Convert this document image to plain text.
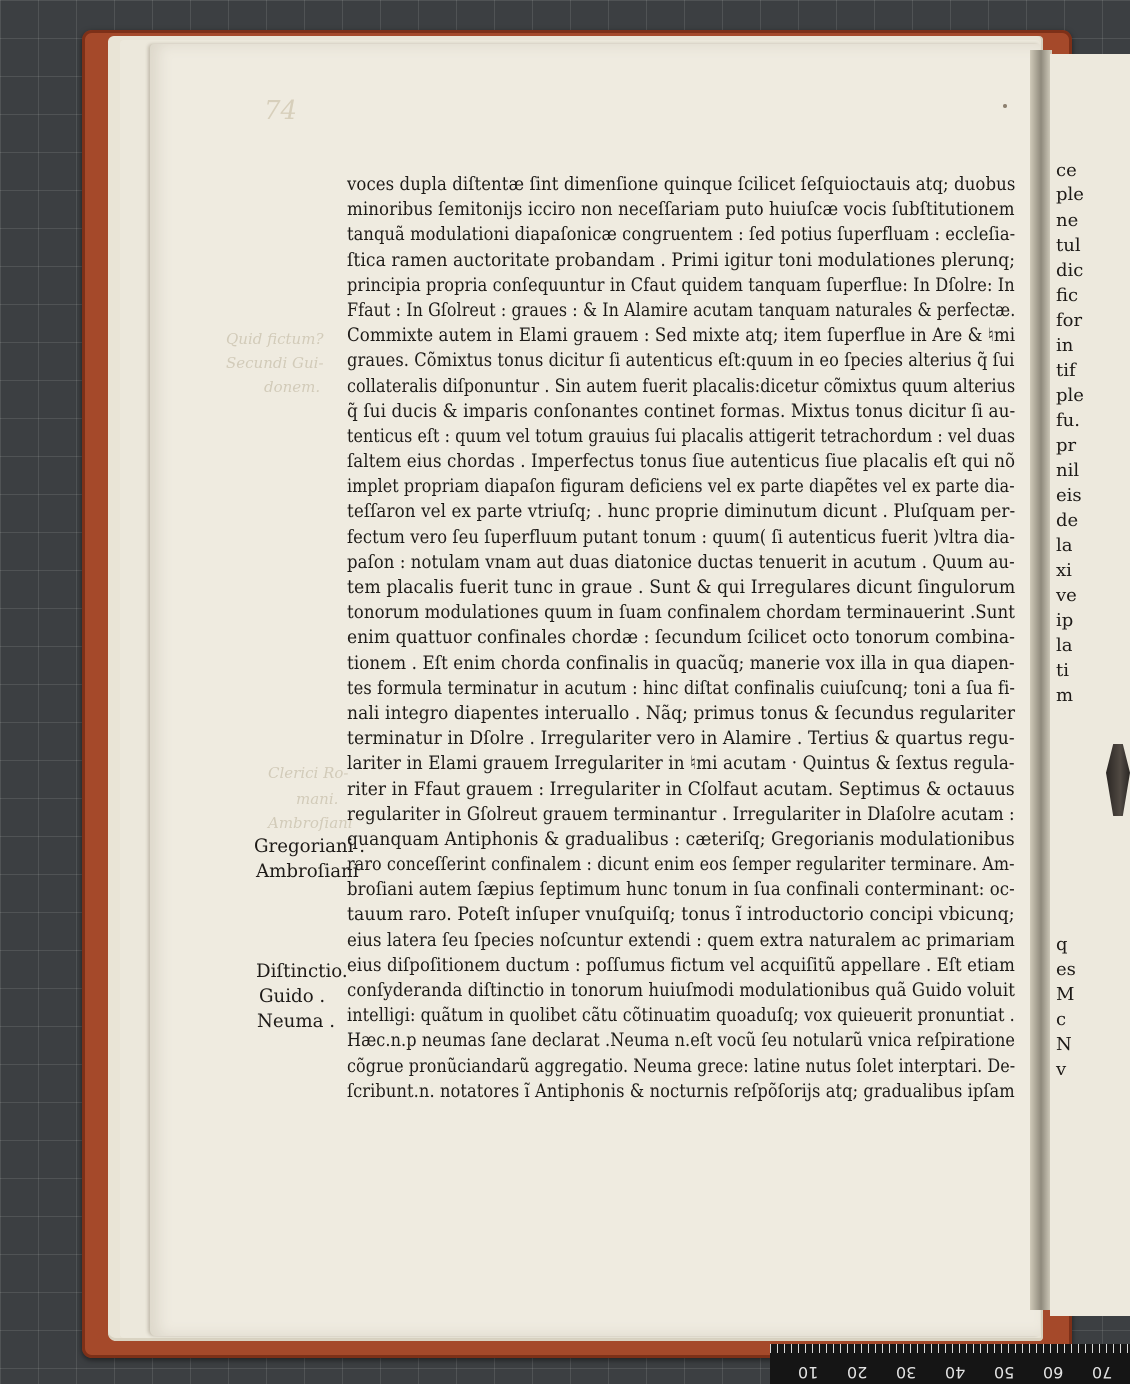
74
Quid fictum?
Secundi Gui-
donem.
Clerici Ro-
mani.
Ambroſiani
voces dupla diſtentæ ſint dimenſione quinque ſcilicet ſeſquioctauis atq; duobus
minoribus ſemitonijs icciro non neceſſariam puto huiuſcæ vocis ſubſtitutionem
tanquã modulationi diapaſonicæ congruentem : ſed potius ſuperfluam : eccleſia-
ſtica ramen auctoritate probandam . Primi igitur toni modulationes plerunq;
principia propria conſequuntur in Cfaut quidem tanquam ſuperflue: In Dſolre: In
Ffaut : In Gſolreut : graues : & In Alamire acutam tanquam naturales & perfectæ.
Commixte autem in Elami grauem : Sed mixte atq; item ſuperflue in Are & ♮mi
graues. Cõmixtus tonus dicitur ſi autenticus eſt:quum in eo ſpecies alterius q̃ ſui
collateralis diſponuntur . Sin autem fuerit placalis:dicetur cõmixtus quum alterius
q̃ ſui ducis & imparis conſonantes continet formas. Mixtus tonus dicitur ſi au-
tenticus eſt : quum vel totum grauius ſui placalis attigerit tetrachordum : vel duas
ſaltem eius chordas . Imperfectus tonus ſiue autenticus ſiue placalis eſt qui nõ
implet propriam diapaſon figuram deficiens vel ex parte diapẽtes vel ex parte dia-
teſſaron vel ex parte vtriuſq; . hunc proprie diminutum dicunt . Pluſquam per-
fectum vero ſeu ſuperfluum putant tonum : quum( ſi autenticus fuerit )vltra dia-
paſon : notulam vnam aut duas diatonice ductas tenuerit in acutum . Quum au-
tem placalis fuerit tunc in graue . Sunt & qui Irregulares dicunt ſingulorum
tonorum modulationes quum in ſuam confinalem chordam terminauerint .Sunt
enim quattuor confinales chordæ : ſecundum ſcilicet octo tonorum combina-
tionem . Eſt enim chorda confinalis in quacũq; manerie vox illa in qua diapen-
tes formula terminatur in acutum : hinc diſtat confinalis cuiuſcunq; toni a ſua fi-
nali integro diapentes interuallo . Nãq; primus tonus & ſecundus regulariter
terminatur in Dſolre . Irregulariter vero in Alamire . Tertius & quartus regu-
lariter in Elami grauem Irregulariter in ♮mi acutam · Quintus & ſextus regula-
riter in Ffaut grauem : Irregulariter in Cſolfaut acutam. Septimus & octauus
regulariter in Gſolreut grauem terminantur . Irregulariter in Dlaſolre acutam :
quanquam Antiphonis & gradualibus : cæteriſq; Gregorianis modulationibus
raro conceſſerint confinalem : dicunt enim eos ſemper regulariter terminare. Am-
broſiani autem ſæpius ſeptimum hunc tonum in ſua confinali conterminant: oc-
tauum raro. Poteſt inſuper vnuſquiſq; tonus ĩ introductorio concipi vbicunq;
eius latera ſeu ſpecies noſcuntur extendi : quem extra naturalem ac primariam
eius diſpoſitionem ductum : poſſumus fictum vel acquiſitũ appellare . Eſt etiam
conſyderanda diſtinctio in tonorum huiuſmodi modulationibus quã Guido voluit
intelligi: quãtum in quolibet cãtu cõtinuatim quoaduſq; vox quieuerit pronuntiat .
Hæc.n.p neumas ſane declarat .Neuma n.eſt vocũ ſeu notularũ vnica reſpiratione
cõgrue pronũciandarũ aggregatio. Neuma grece: latine nutus ſolet interptari. De-
ſcribunt.n. notatores ĩ Antiphonis & nocturnis reſpõſorijs atq; gradualibus ipſam
Gregoriani .
Ambroſiani
Diſtinctio.
Guido .
Neuma .
ce
ple
ne
tul
dic
fic
for
in
tif
ple
fu.
pr
nil
eis
de
la
xi
ve
ip
la
ti
m
q
es
M
c
N
v
10 20 30 40 50 60 70
